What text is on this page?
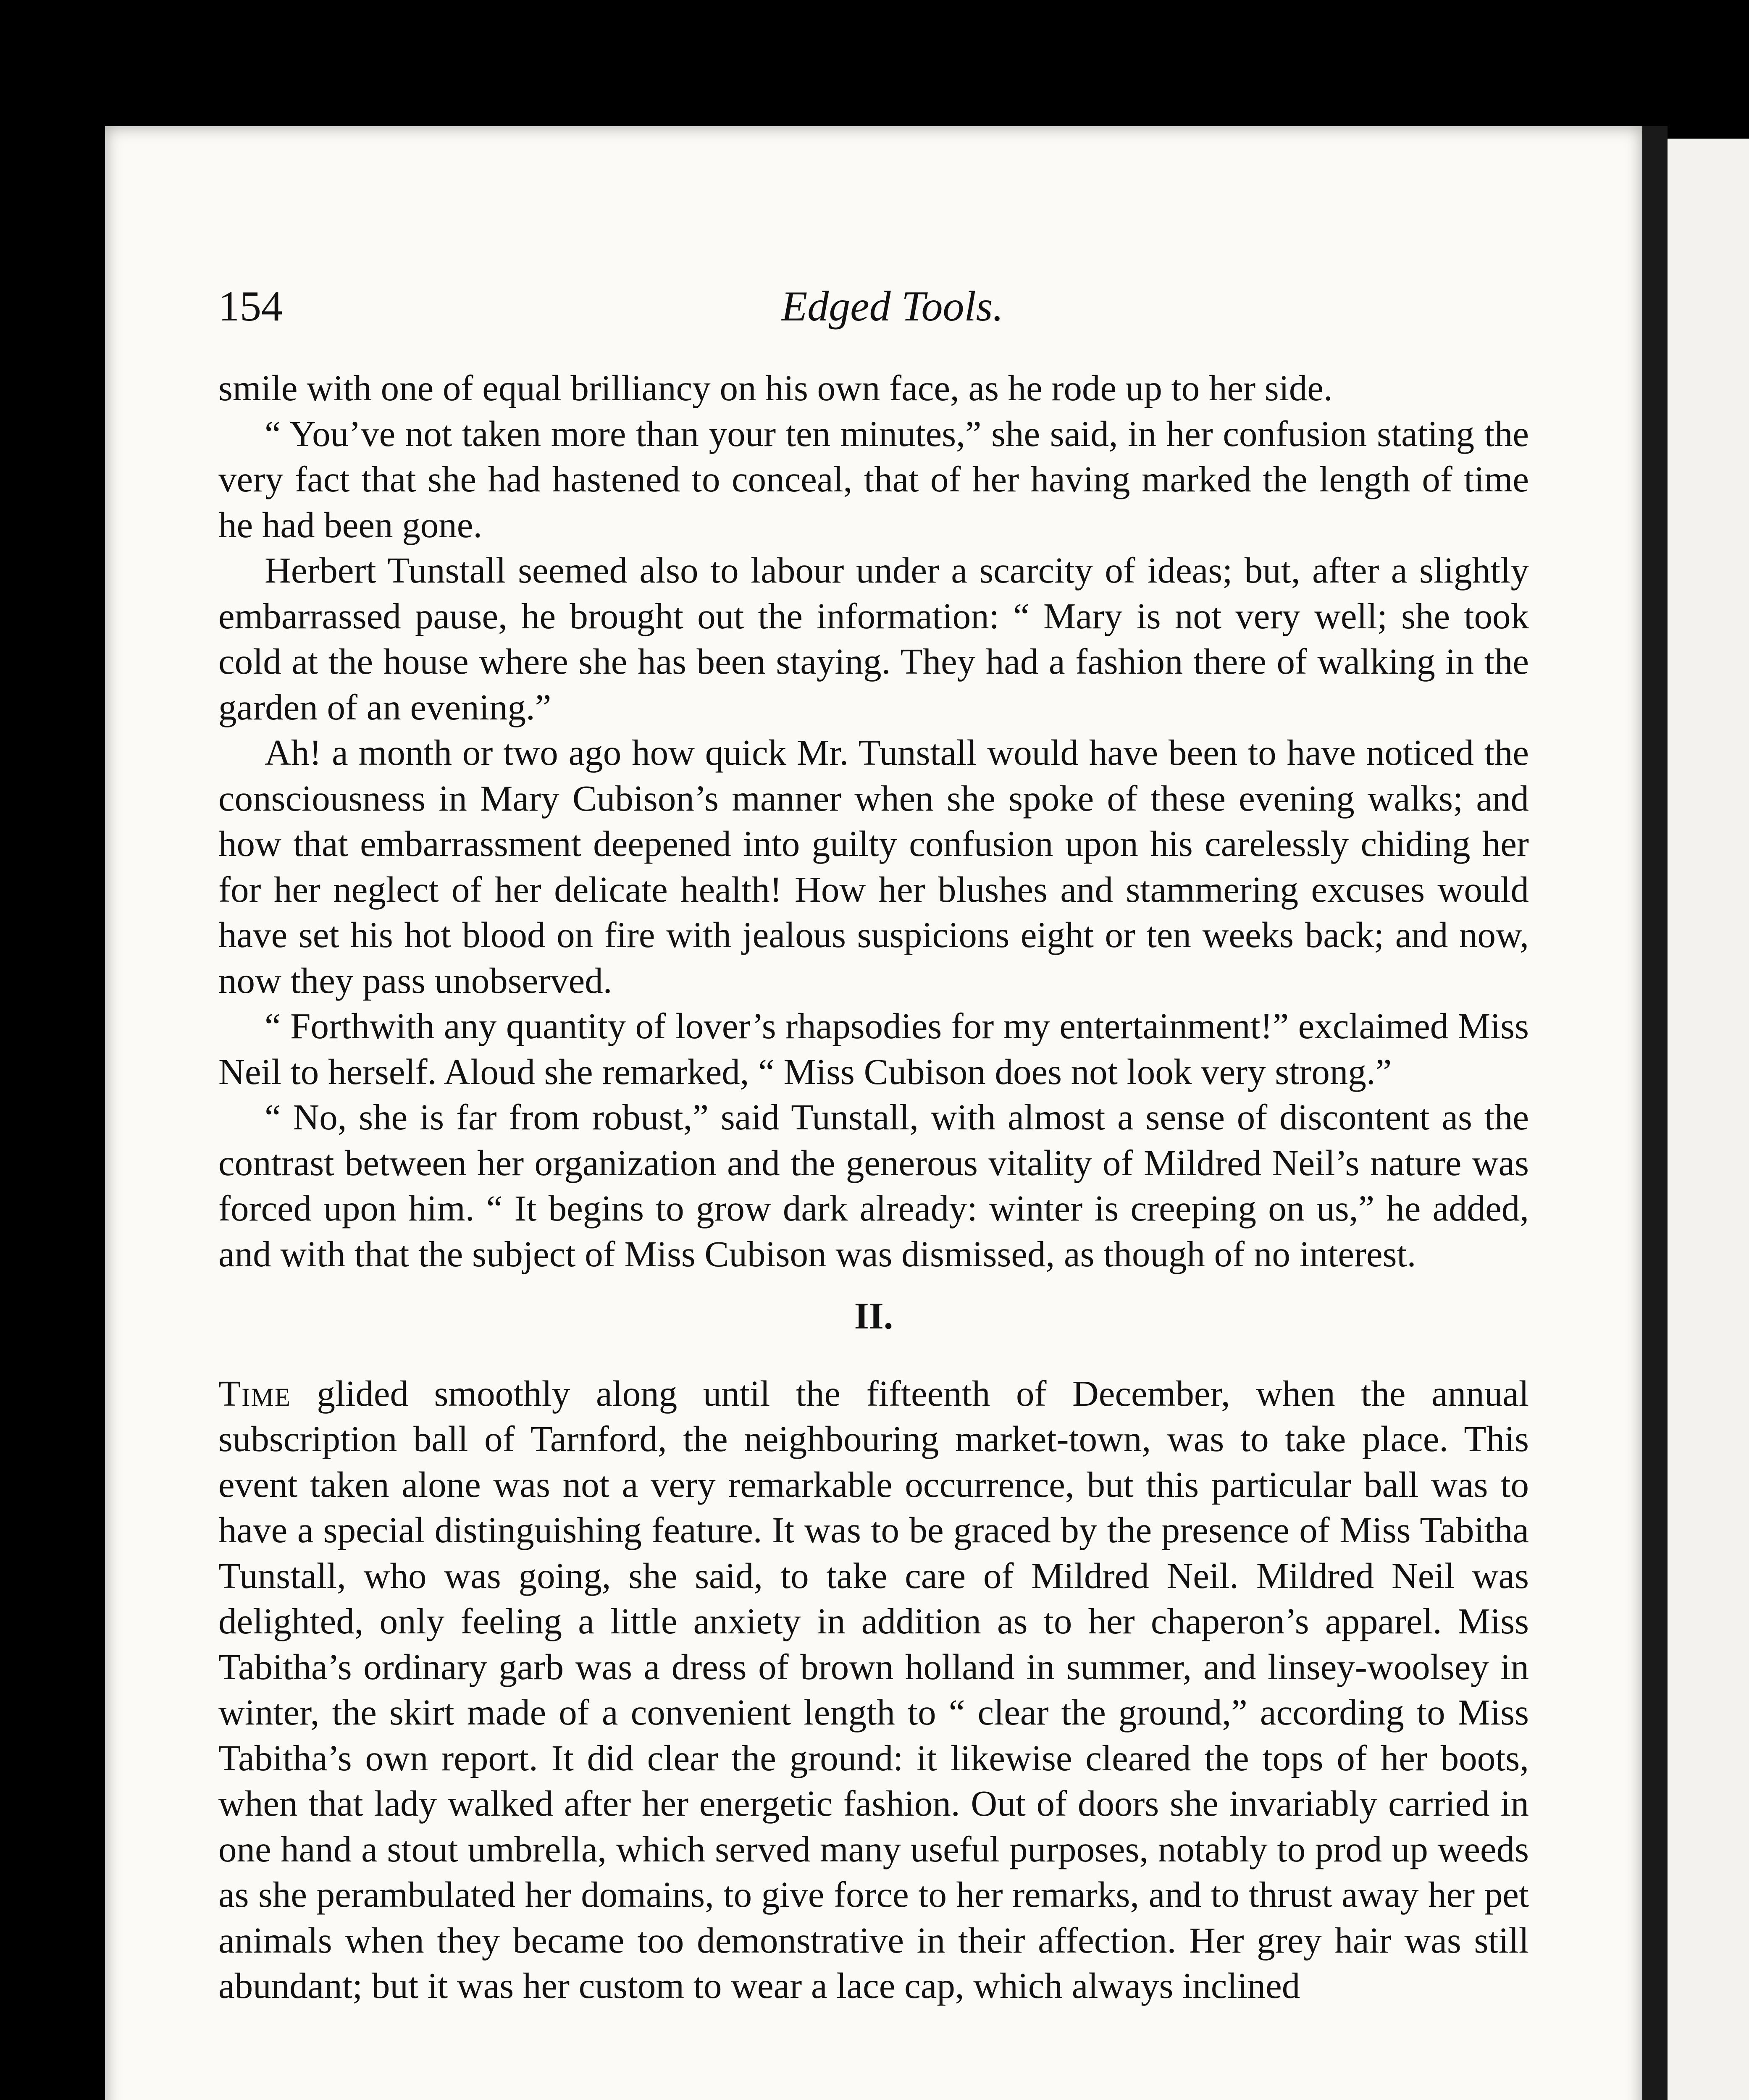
154	Edged Tools.

smile with one of equal brilliancy on his own face, as he rode up to her side.

“ You’ve not taken more than your ten minutes,” she said, in her confusion stating the very fact that she had hastened to conceal, that of her having marked the length of time he had been gone.

Herbert Tunstall seemed also to labour under a scarcity of ideas; but, after a slightly embarrassed pause, he brought out the information: “ Mary is not very well; she took cold at the house where she has been staying. They had a fashion there of walking in the garden of an evening.”

Ah! a month or two ago how quick Mr. Tunstall would have been to have noticed the consciousness in Mary Cubison’s manner when she spoke of these evening walks; and how that embarrassment deepened into guilty confusion upon his carelessly chiding her for her neglect of her delicate health! How her blushes and stammering excuses would have set his hot blood on fire with jealous suspicions eight or ten weeks back; and now, now they pass unobserved.

“ Forthwith any quantity of lover’s rhapsodies for my entertainment!” exclaimed Miss Neil to herself. Aloud she remarked, “ Miss Cubison does not look very strong.”

“ No, she is far from robust,” said Tunstall, with almost a sense of discontent as the contrast between her organization and the generous vitality of Mildred Neil’s nature was forced upon him. “ It begins to grow dark already: winter is creeping on us,” he added, and with that the subject of Miss Cubison was dismissed, as though of no interest.

II.

Time glided smoothly along until the fifteenth of December, when the annual subscription ball of Tarnford, the neighbouring market-town, was to take place. This event taken alone was not a very remarkable occurrence, but this particular ball was to have a special distinguishing feature. It was to be graced by the presence of Miss Tabitha Tunstall, who was going, she said, to take care of Mildred Neil. Mildred Neil was delighted, only feeling a little anxiety in addition as to her chaperon’s apparel. Miss Tabitha’s ordinary garb was a dress of brown holland in summer, and linsey-woolsey in winter, the skirt made of a convenient length to “ clear the ground,” according to Miss Tabitha’s own report. It did clear the ground: it likewise cleared the tops of her boots, when that lady walked after her energetic fashion. Out of doors she invariably carried in one hand a stout umbrella, which served many useful purposes, notably to prod up weeds as she perambulated her domains, to give force to her remarks, and to thrust away her pet animals when they became too demonstrative in their affection. Her grey hair was still abundant; but it was her custom to wear a lace cap, which always inclined
